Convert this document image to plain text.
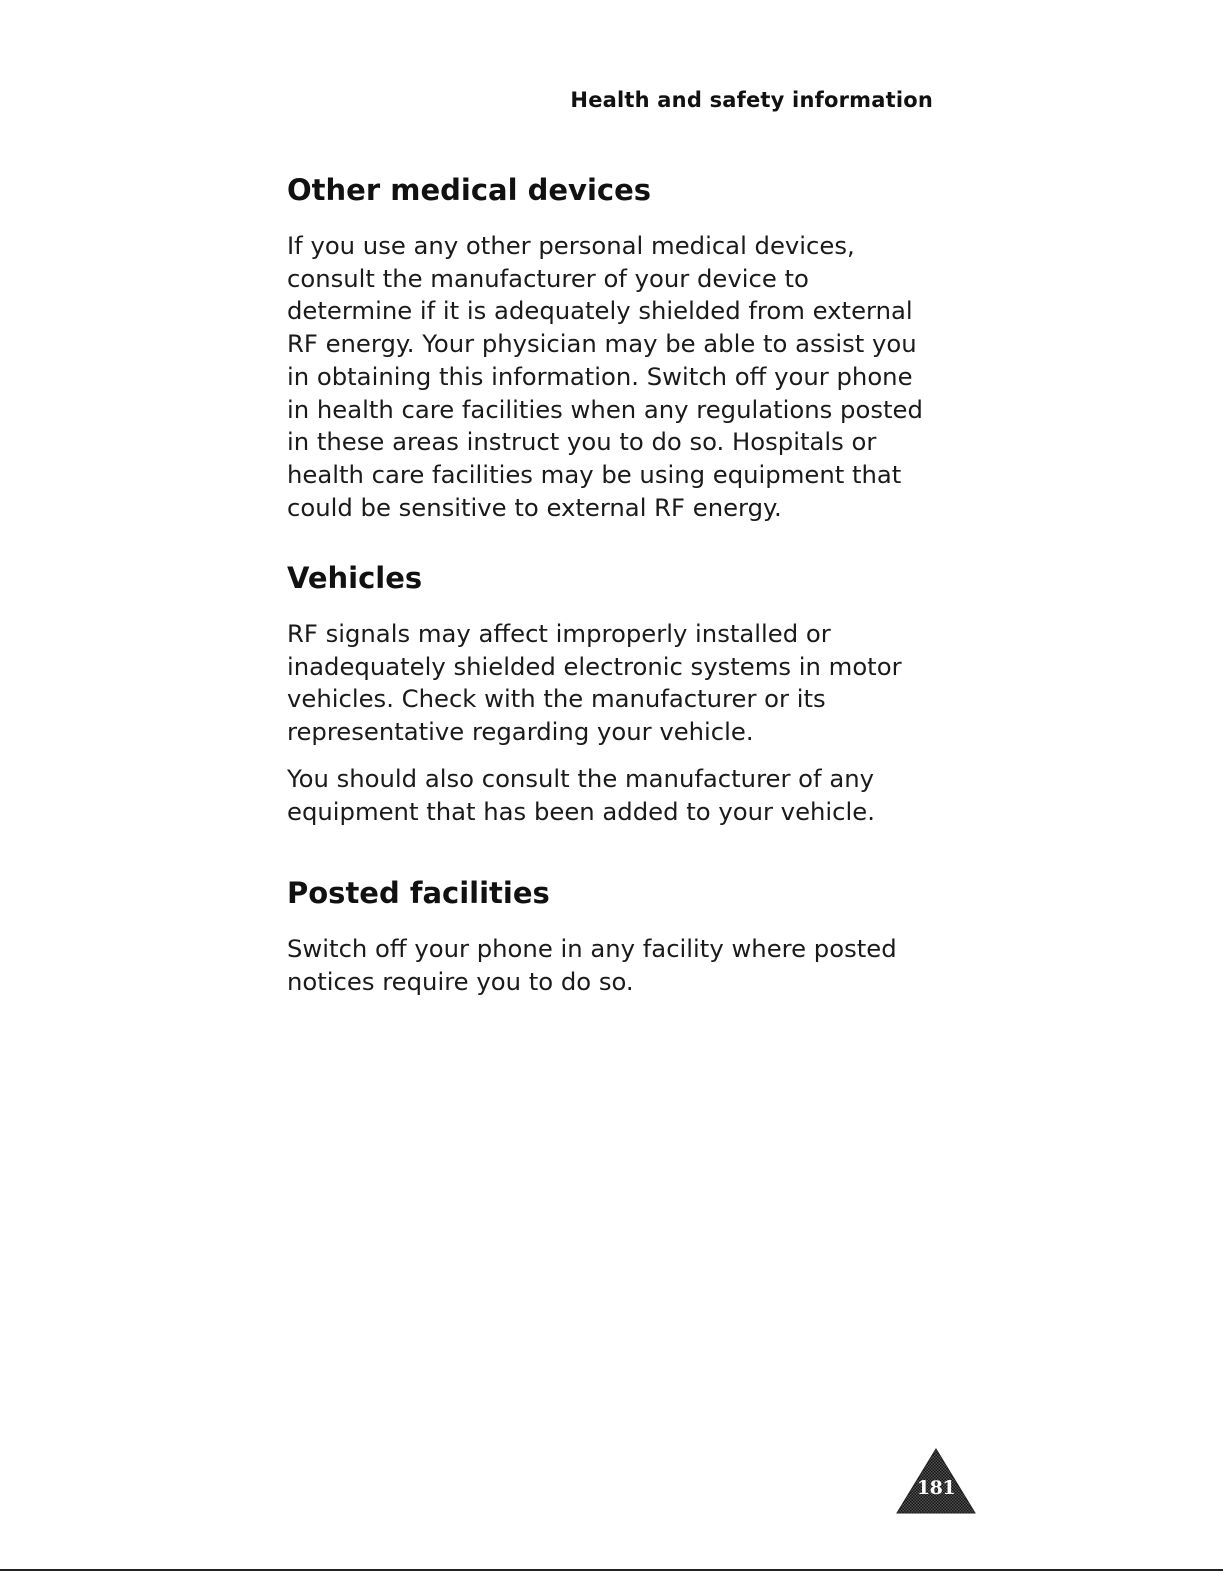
Health and safety information
Other medical devices

If you use any other personal medical devices,
consult the manufacturer of your device to
determine if it is adequately shielded from external
RF energy. Your physician may be able to assist you
in obtaining this information. Switch off your phone
in health care facilities when any regulations posted
in these areas instruct you to do so. Hospitals or
health care facilities may be using equipment that
could be sensitive to external RF energy.

Vehicles

RF signals may affect improperly installed or
inadequately shielded electronic systems in motor
vehicles. Check with the manufacturer or its
representative regarding your vehicle.

You should also consult the manufacturer of any
equipment that has been added to your vehicle.

Posted facilities

Switch off your phone in any facility where posted
notices require you to do so.

181
